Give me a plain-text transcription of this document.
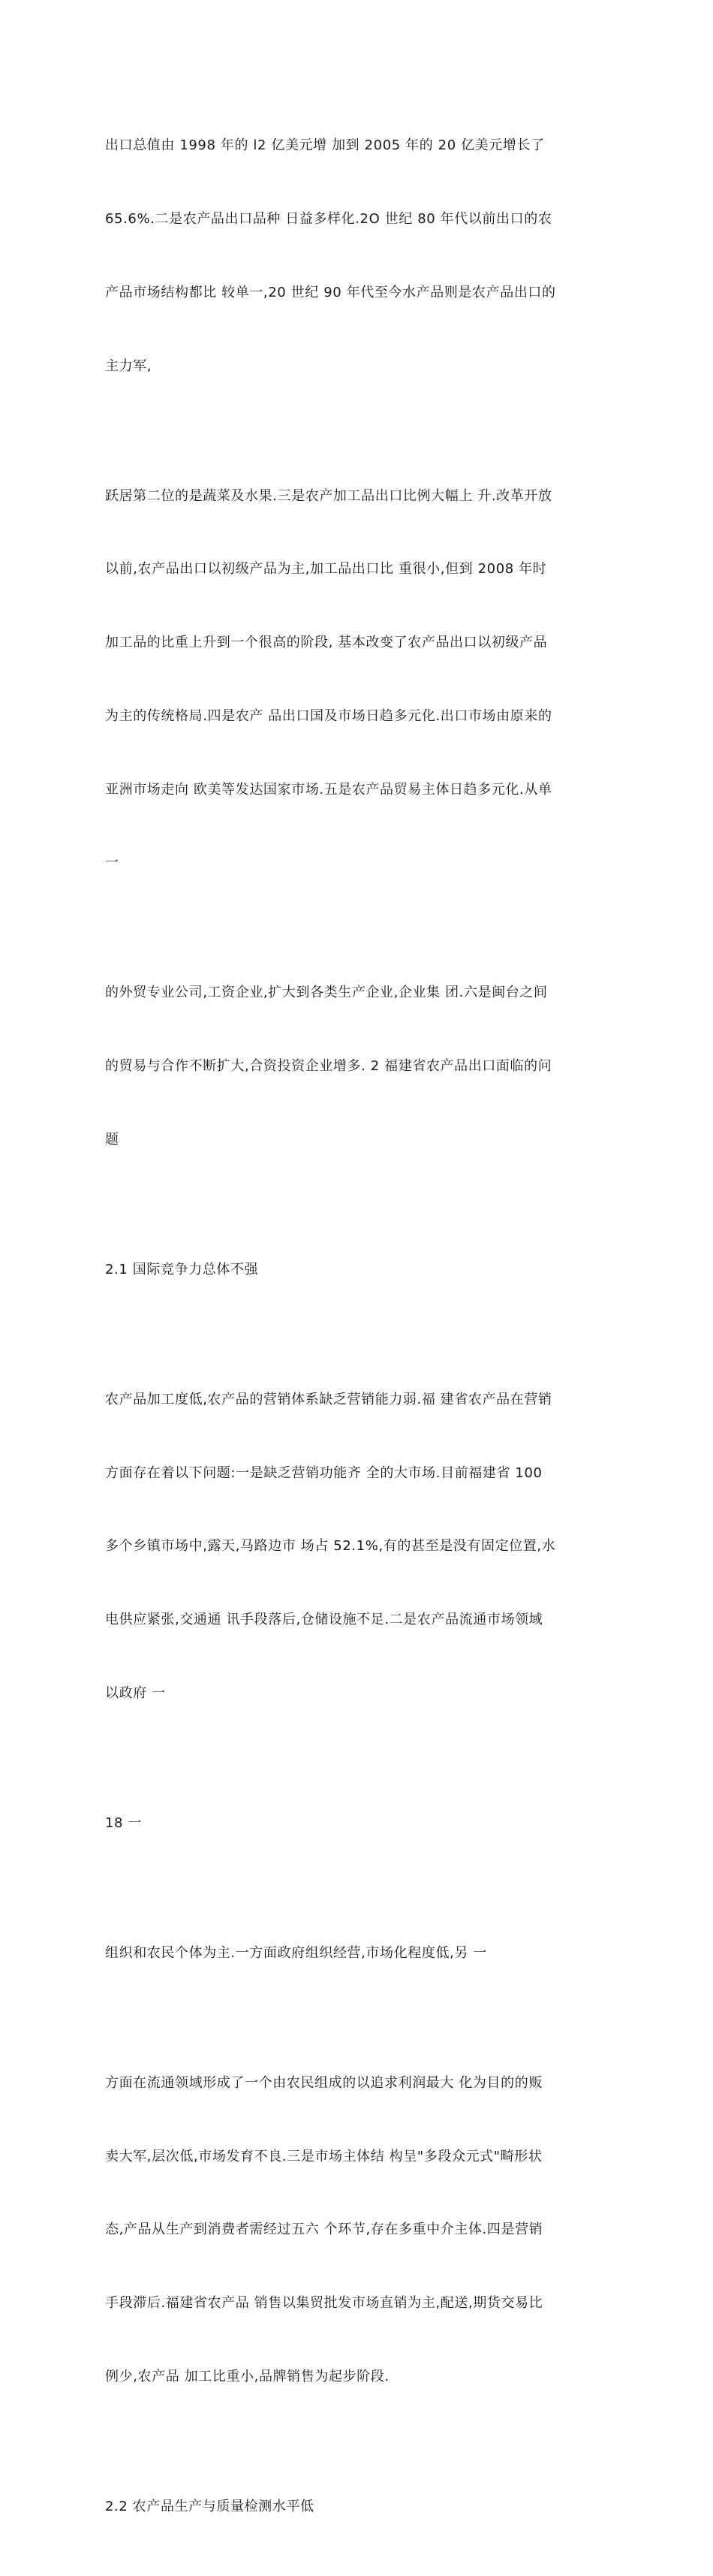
出口总值由 1998 年的 l2 亿美元增 加到 2005 年的 20 亿美元增长了

65.6%.二是农产品出口品种 日益多样化.2O 世纪 80 年代以前出口的农

产品市场结构都比 较单一,20 世纪 90 年代至今水产品则是农产品出口的

主力军,

跃居第二位的是蔬菜及水果.三是农产加工品出口比例大幅上 升.改革开放

以前,农产品出口以初级产品为主,加工品出口比 重很小,但到 2008 年时

加工品的比重上升到一个很高的阶段, 基本改变了农产品出口以初级产品

为主的传统格局.四是农产 品出口国及市场日趋多元化.出口市场由原来的

亚洲市场走向 欧美等发达国家市场.五是农产品贸易主体日趋多元化.从单

一

的外贸专业公司,工资企业,扩大到各类生产企业,企业集 团.六是闽台之间

的贸易与合作不断扩大,合资投资企业增多. 2 福建省农产品出口面临的问

题

2.1 国际竞争力总体不强

农产品加工度低,农产品的营销体系缺乏营销能力弱.福 建省农产品在营销

方面存在着以下问题:一是缺乏营销功能齐 全的大市场.目前福建省 100

多个乡镇市场中,露天,马路边市 场占 52.1%,有的甚至是没有固定位置,水

电供应紧张,交通通 讯手段落后,仓储设施不足.二是农产品流通市场领域

以政府 一

18 一

组织和农民个体为主.一方面政府组织经营,市场化程度低,另 一

方面在流通领域形成了一个由农民组成的以追求利润最大 化为目的的贩

卖大军,层次低,市场发育不良.三是市场主体结 构呈"多段众元式"畸形状

态,产品从生产到消费者需经过五六 个环节,存在多重中介主体.四是营销

手段滞后.福建省农产品 销售以集贸批发市场直销为主,配送,期货交易比

例少,农产品 加工比重小,品牌销售为起步阶段.

2.2 农产品生产与质量检测水平低
